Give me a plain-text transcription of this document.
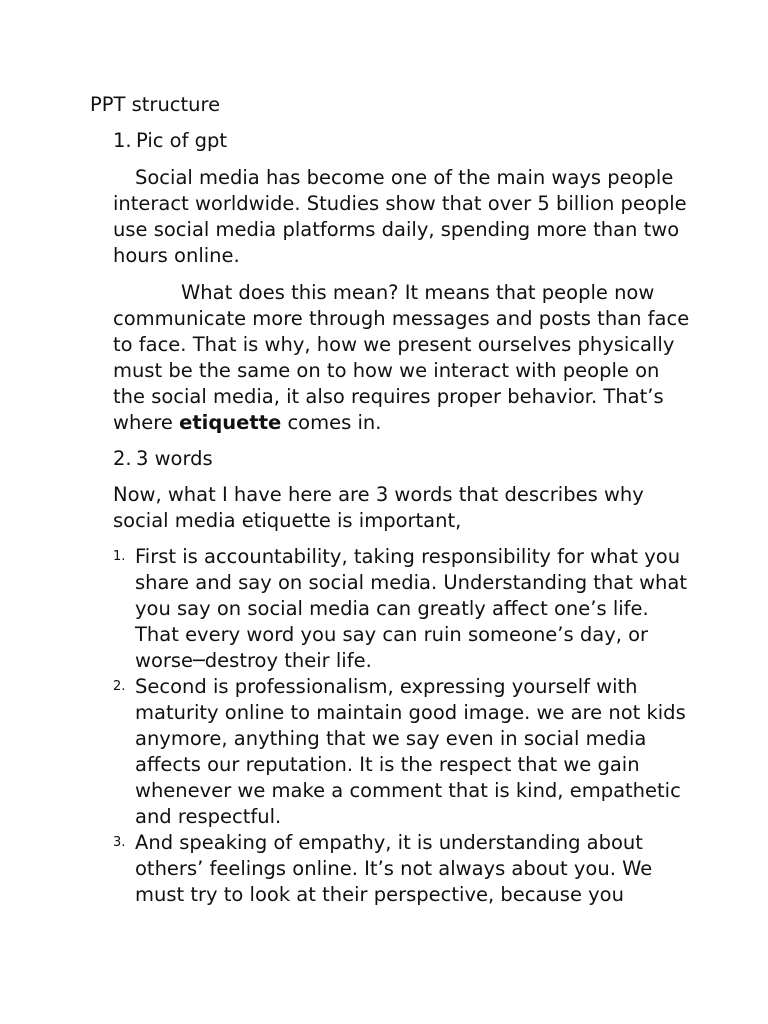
PPT structure

1. Pic of gpt

Social media has become one of the main ways people interact worldwide. Studies show that over 5 billion people use social media platforms daily, spending more than two hours online.

What does this mean? It means that people now communicate more through messages and posts than face to face. That is why, how we present ourselves physically must be the same on to how we interact with people on the social media, it also requires proper behavior. That’s where etiquette comes in.

2. 3 words

Now, what I have here are 3 words that describes why social media etiquette is important,

1. First is accountability, taking responsibility for what you share and say on social media. Understanding that what you say on social media can greatly affect one’s life. That every word you say can ruin someone’s day, or worse─destroy their life.
2. Second is professionalism, expressing yourself with maturity online to maintain good image. we are not kids anymore, anything that we say even in social media affects our reputation. It is the respect that we gain whenever we make a comment that is kind, empathetic and respectful.
3. And speaking of empathy, it is understanding about others’ feelings online. It’s not always about you. We must try to look at their perspective, because you
